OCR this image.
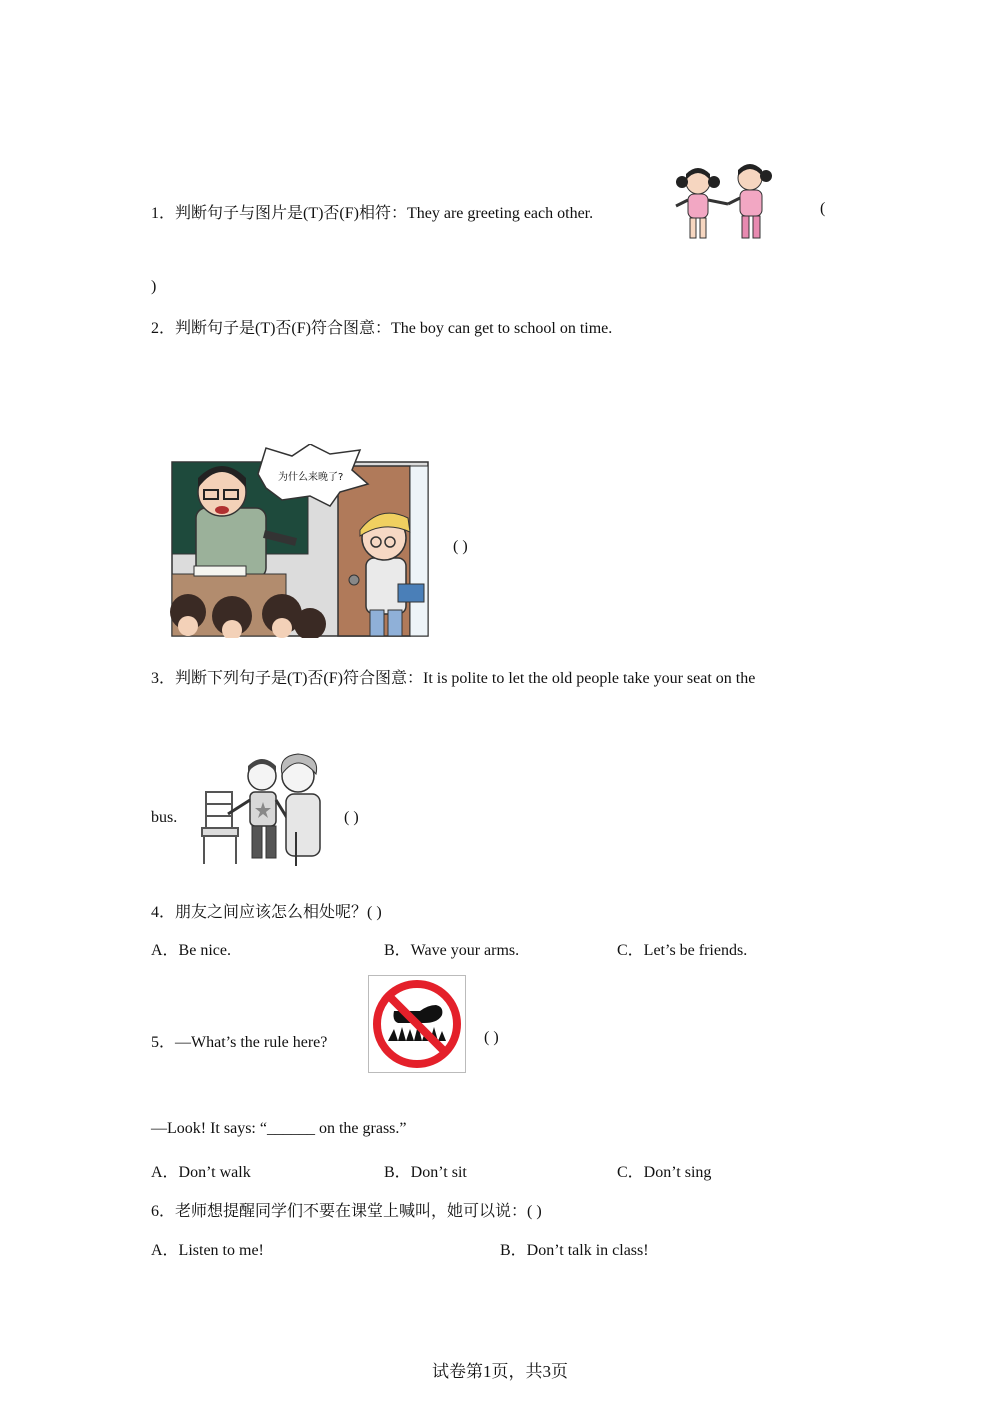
1．判断句子与图片是(T)否(F)相符：They are greeting each other.	(
)
2．判断句子是(T)否(F)符合图意：The boy can get to school on time.
为什么来晚了?
( )
3．判断下列句子是(T)否(F)符合图意：It is polite to let the old people take your seat on the
bus.	( )
4．朋友之间应该怎么相处呢？( )
A．Be nice.	B．Wave your arms.	C．Let’s be friends.
5．—What’s the rule here?	( )
—Look! It says: “______ on the grass.”
A．Don’t walk	B．Don’t sit	C．Don’t sing
6．老师想提醒同学们不要在课堂上喊叫，她可以说：( )
A．Listen to me!	B．Don’t talk in class!
试卷第1页，共3页
